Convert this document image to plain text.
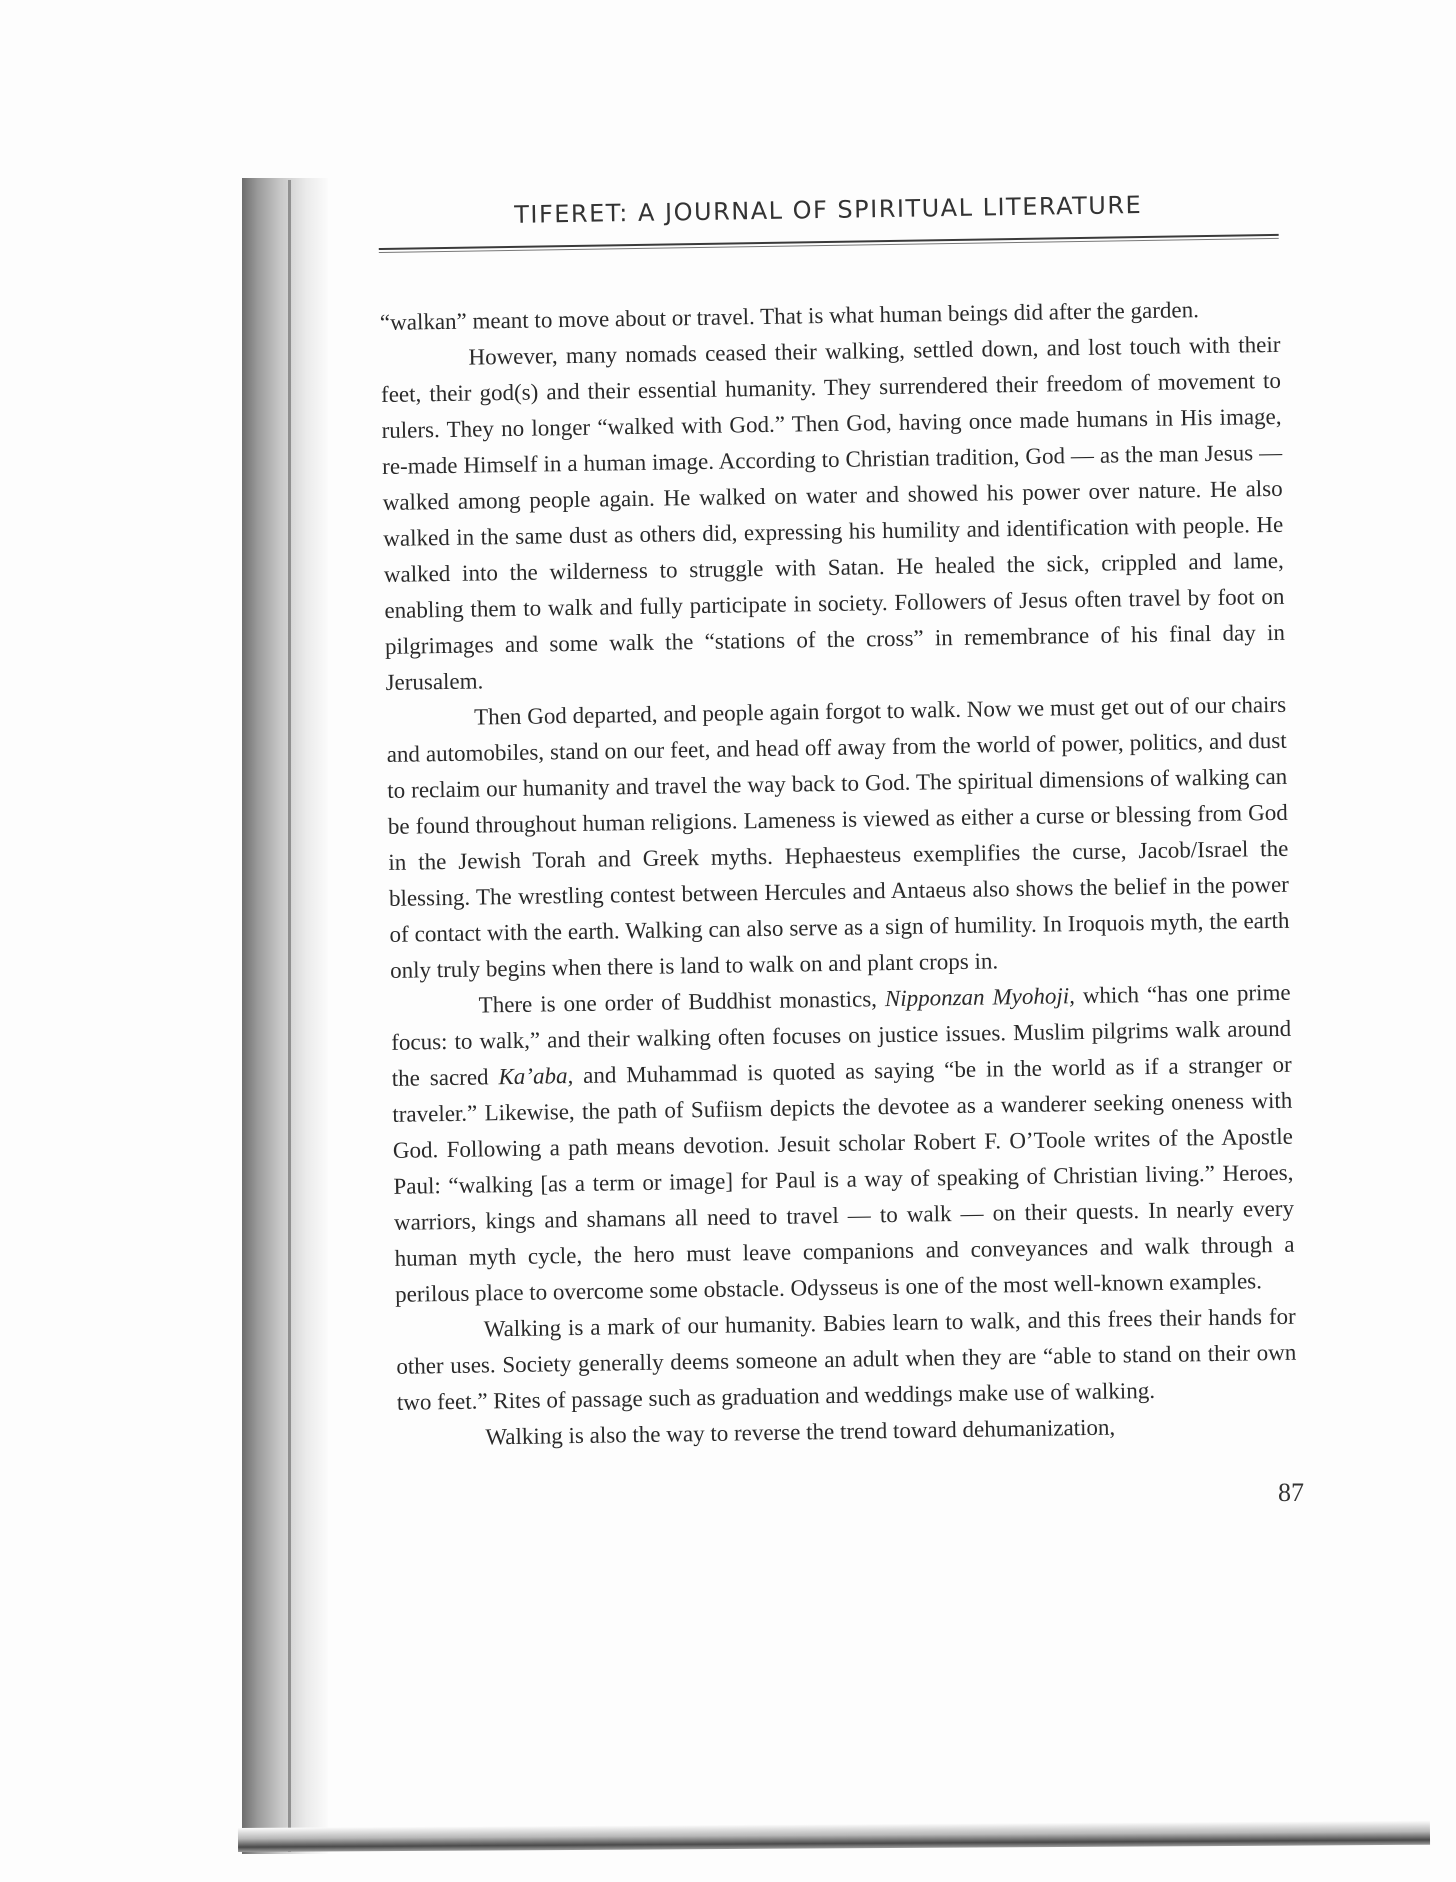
TIFERET: A JOURNAL OF SPIRITUAL LITERATURE

“walkan” meant to move about or travel. That is what human beings did after the garden.

However, many nomads ceased their walking, settled down, and lost touch with their feet, their god(s) and their essential humanity. They surrendered their freedom of movement to rulers. They no longer “walked with God.” Then God, having once made humans in His image, re-made Himself in a human image. According to Christian tradition, God — as the man Jesus — walked among people again. He walked on water and showed his power over nature. He also walked in the same dust as others did, expressing his humility and identification with people. He walked into the wilderness to struggle with Satan. He healed the sick, crippled and lame, enabling them to walk and fully participate in society. Followers of Jesus often travel by foot on pilgrimages and some walk the “stations of the cross” in remembrance of his final day in Jerusalem.

Then God departed, and people again forgot to walk. Now we must get out of our chairs and automobiles, stand on our feet, and head off away from the world of power, politics, and dust to reclaim our humanity and travel the way back to God. The spiritual dimensions of walking can be found throughout human religions. Lameness is viewed as either a curse or blessing from God in the Jewish Torah and Greek myths. Hephaesteus exemplifies the curse, Jacob/Israel the blessing. The wrestling contest between Hercules and Antaeus also shows the belief in the power of contact with the earth. Walking can also serve as a sign of humility. In Iroquois myth, the earth only truly begins when there is land to walk on and plant crops in.

There is one order of Buddhist monastics, Nipponzan Myohoji, which “has one prime focus: to walk,” and their walking often focuses on justice issues. Muslim pilgrims walk around the sacred Ka’aba, and Muhammad is quoted as saying “be in the world as if a stranger or traveler.” Likewise, the path of Sufiism depicts the devotee as a wanderer seeking oneness with God. Following a path means devotion. Jesuit scholar Robert F. O’Toole writes of the Apostle Paul: “walking [as a term or image] for Paul is a way of speaking of Christian living.” Heroes, warriors, kings and shamans all need to travel — to walk — on their quests. In nearly every human myth cycle, the hero must leave companions and conveyances and walk through a perilous place to overcome some obstacle. Odysseus is one of the most well-known examples.

Walking is a mark of our humanity. Babies learn to walk, and this frees their hands for other uses. Society generally deems someone an adult when they are “able to stand on their own two feet.” Rites of passage such as graduation and weddings make use of walking.

Walking is also the way to reverse the trend toward dehumanization,

87
